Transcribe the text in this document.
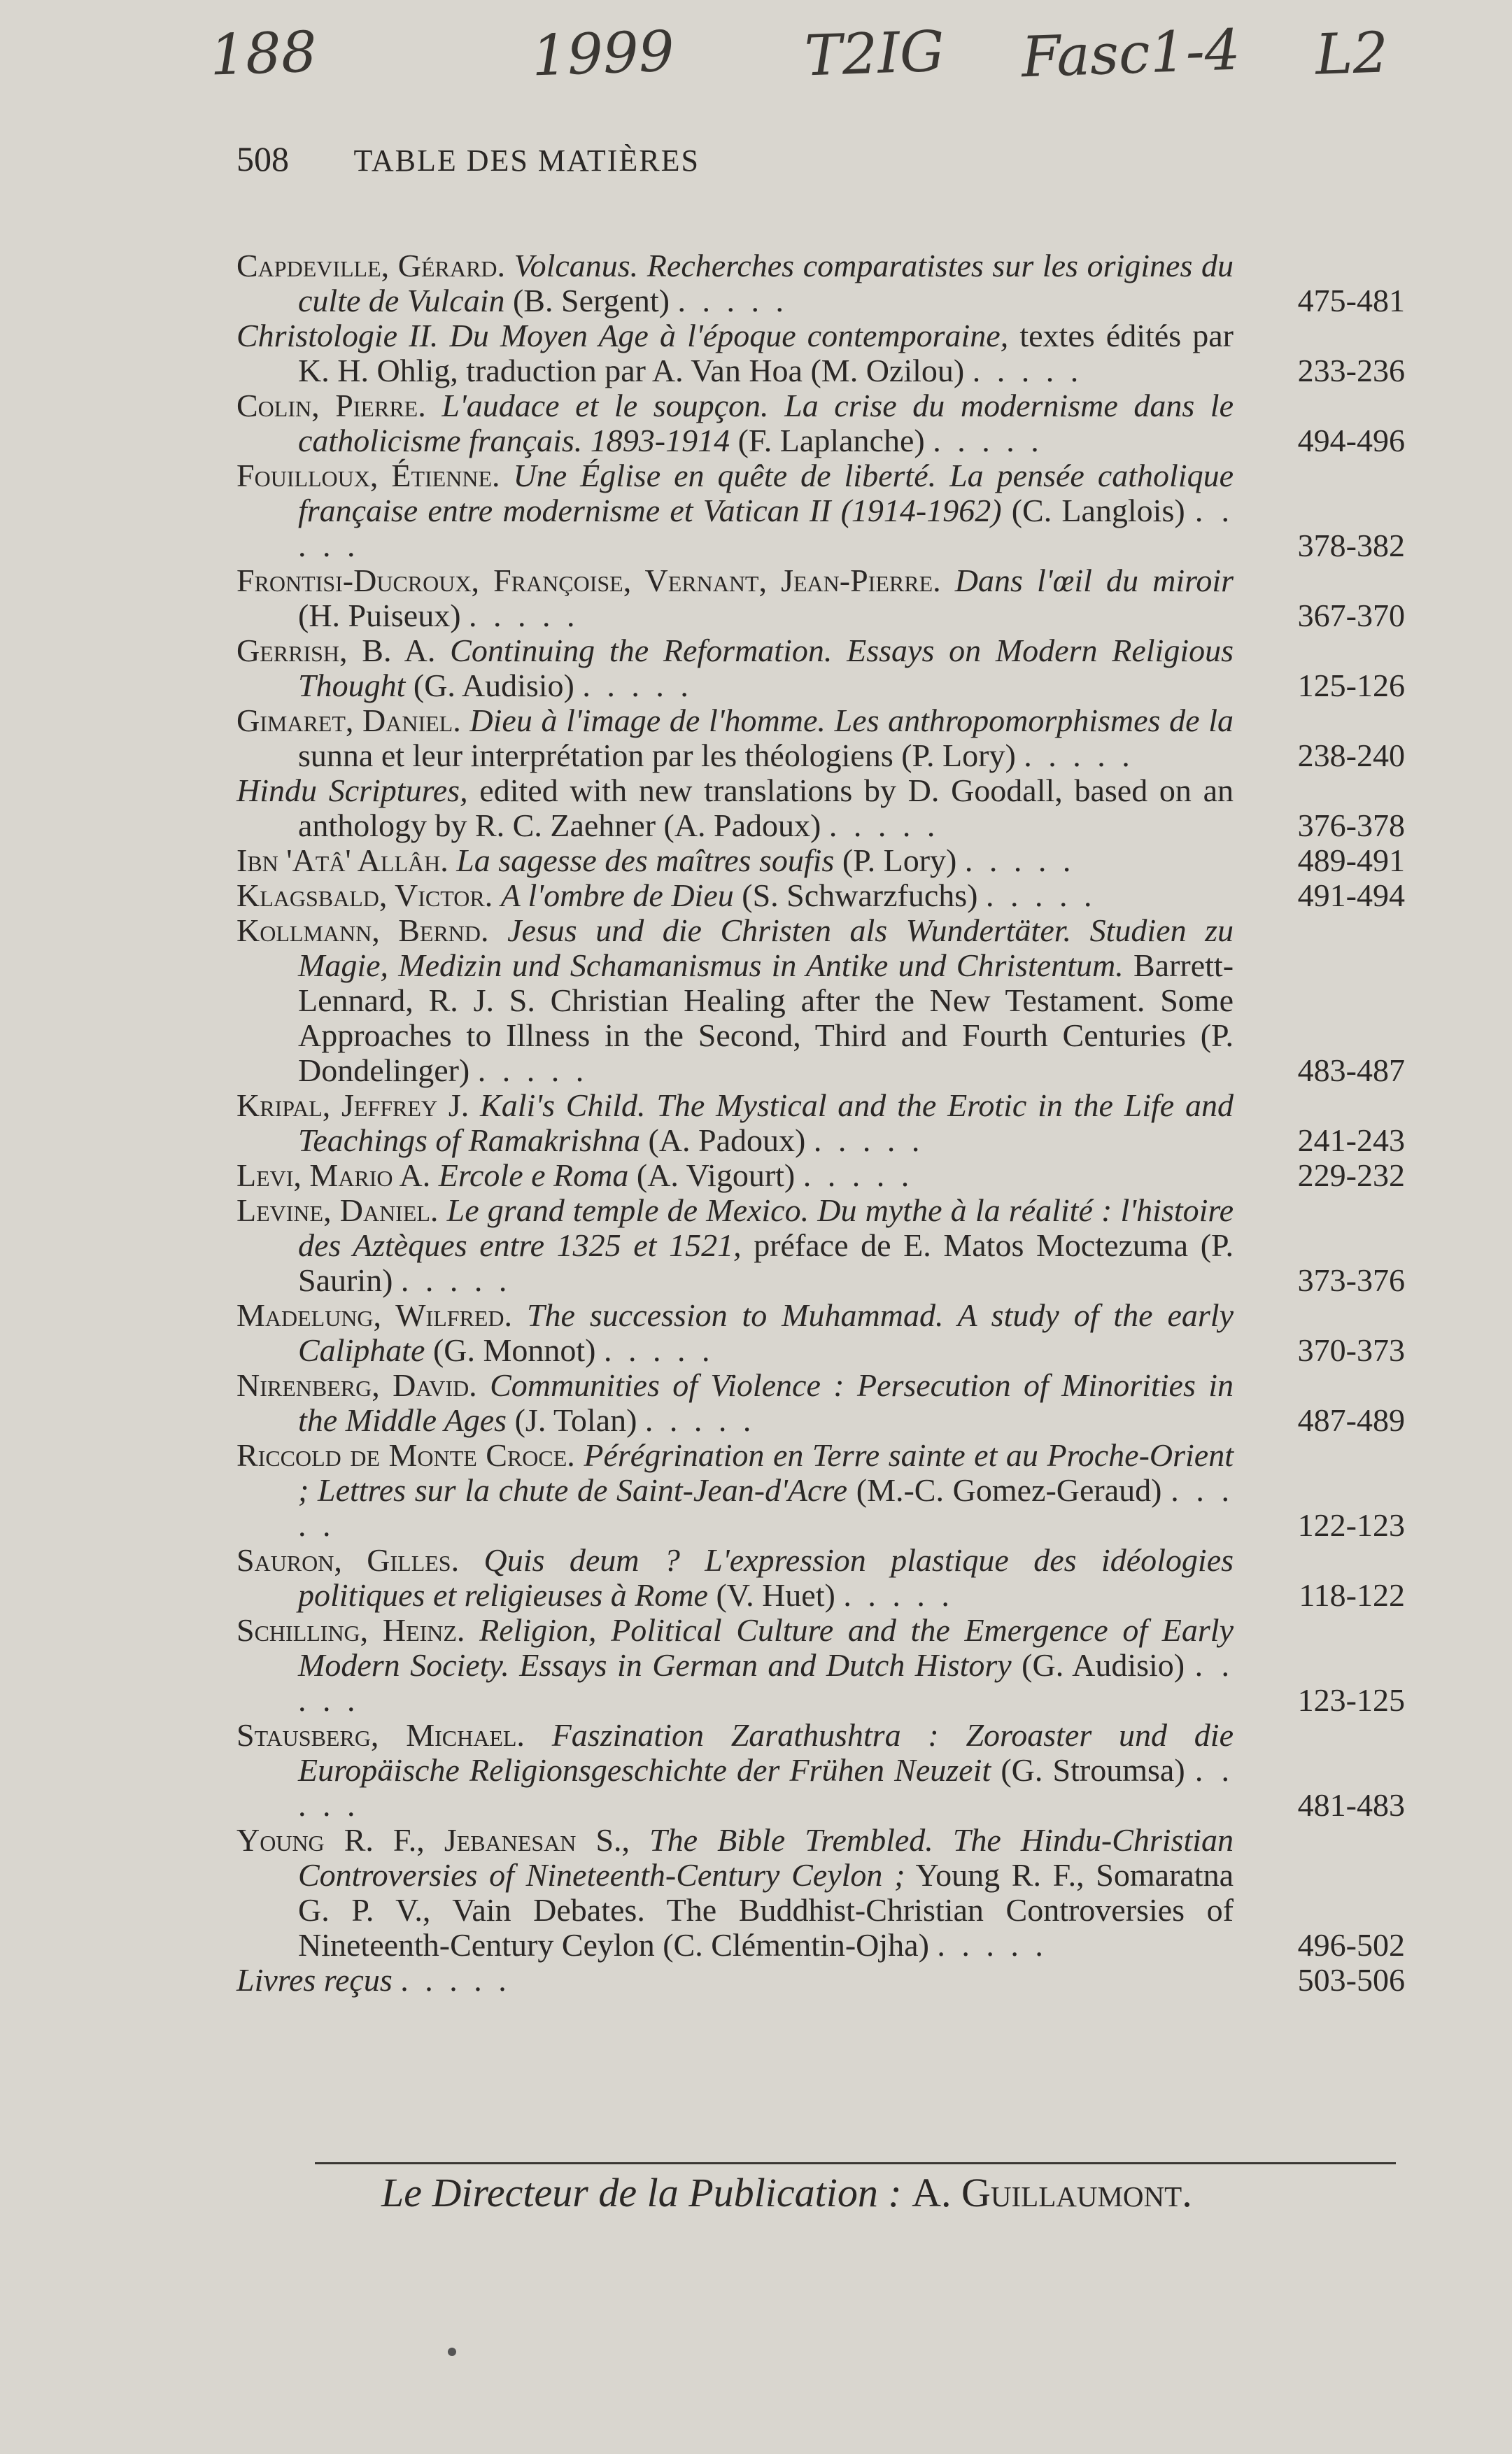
188	1999 T2IG Fasc1-4 L2
508 TABLE DES MATIÈRES
Capdeville, Gérard. Volcanus. Recherches comparatistes sur les origines du culte de Vulcain (B. Sergent) . . . . .	475-481
Christologie II. Du Moyen Age à l'époque contemporaine, textes édités par K. H. Ohlig, traduction par A. Van Hoa (M. Ozilou) . . . . .	233-236
Colin, Pierre. L'audace et le soupçon. La crise du modernisme dans le catholicisme français. 1893-1914 (F. Laplanche) . . . . .	494-496
Fouilloux, Étienne. Une Église en quête de liberté. La pensée catholique française entre modernisme et Vatican II (1914-1962) (C. Langlois) . . . . .	378-382
Frontisi-Ducroux, Françoise, Vernant, Jean-Pierre. Dans l'œil du miroir (H. Puiseux) . . . . .	367-370
Gerrish, B. A. Continuing the Reformation. Essays on Modern Religious Thought (G. Audisio) . . . . .	125-126
Gimaret, Daniel. Dieu à l'image de l'homme. Les anthropomorphismes de la sunna et leur interprétation par les théologiens (P. Lory) . . . . .	238-240
Hindu Scriptures, edited with new translations by D. Goodall, based on an anthology by R. C. Zaehner (A. Padoux) . . . . .	376-378
Ibn 'Atâ' Allâh. La sagesse des maîtres soufis (P. Lory) . . . . .	489-491
Klagsbald, Victor. A l'ombre de Dieu (S. Schwarzfuchs) . . . . .	491-494
Kollmann, Bernd. Jesus und die Christen als Wundertäter. Studien zu Magie, Medizin und Schamanismus in Antike und Christentum. Barrett-Lennard, R. J. S. Christian Healing after the New Testament. Some Approaches to Illness in the Second, Third and Fourth Centuries (P. Dondelinger) . . . . .	483-487
Kripal, Jeffrey J. Kali's Child. The Mystical and the Erotic in the Life and Teachings of Ramakrishna (A. Padoux) . . . . .	241-243
Levi, Mario A. Ercole e Roma (A. Vigourt) . . . . .	229-232
Levine, Daniel. Le grand temple de Mexico. Du mythe à la réalité : l'histoire des Aztèques entre 1325 et 1521, préface de E. Matos Moctezuma (P. Saurin) . . . . .	373-376
Madelung, Wilfred. The succession to Muhammad. A study of the early Caliphate (G. Monnot) . . . . .	370-373
Nirenberg, David. Communities of Violence : Persecution of Minorities in the Middle Ages (J. Tolan) . . . . .	487-489
Riccold de Monte Croce. Pérégrination en Terre sainte et au Proche-Orient ; Lettres sur la chute de Saint-Jean-d'Acre (M.-C. Gomez-Geraud) . . . . .	122-123
Sauron, Gilles. Quis deum ? L'expression plastique des idéologies politiques et religieuses à Rome (V. Huet) . . . . .	118-122
Schilling, Heinz. Religion, Political Culture and the Emergence of Early Modern Society. Essays in German and Dutch History (G. Audisio) . . . . .	123-125
Stausberg, Michael. Faszination Zarathushtra : Zoroaster und die Europäische Religionsgeschichte der Frühen Neuzeit (G. Stroumsa) . . . . .	481-483
Young R. F., Jebanesan S., The Bible Trembled. The Hindu-Christian Controversies of Nineteenth-Century Ceylon ; Young R. F., Somaratna G. P. V., Vain Debates. The Buddhist-Christian Controversies of Nineteenth-Century Ceylon (C. Clémentin-Ojha) . . . . .	496-502
Livres reçus . . . . .	503-506
Le Directeur de la Publication : A. Guillaumont.
